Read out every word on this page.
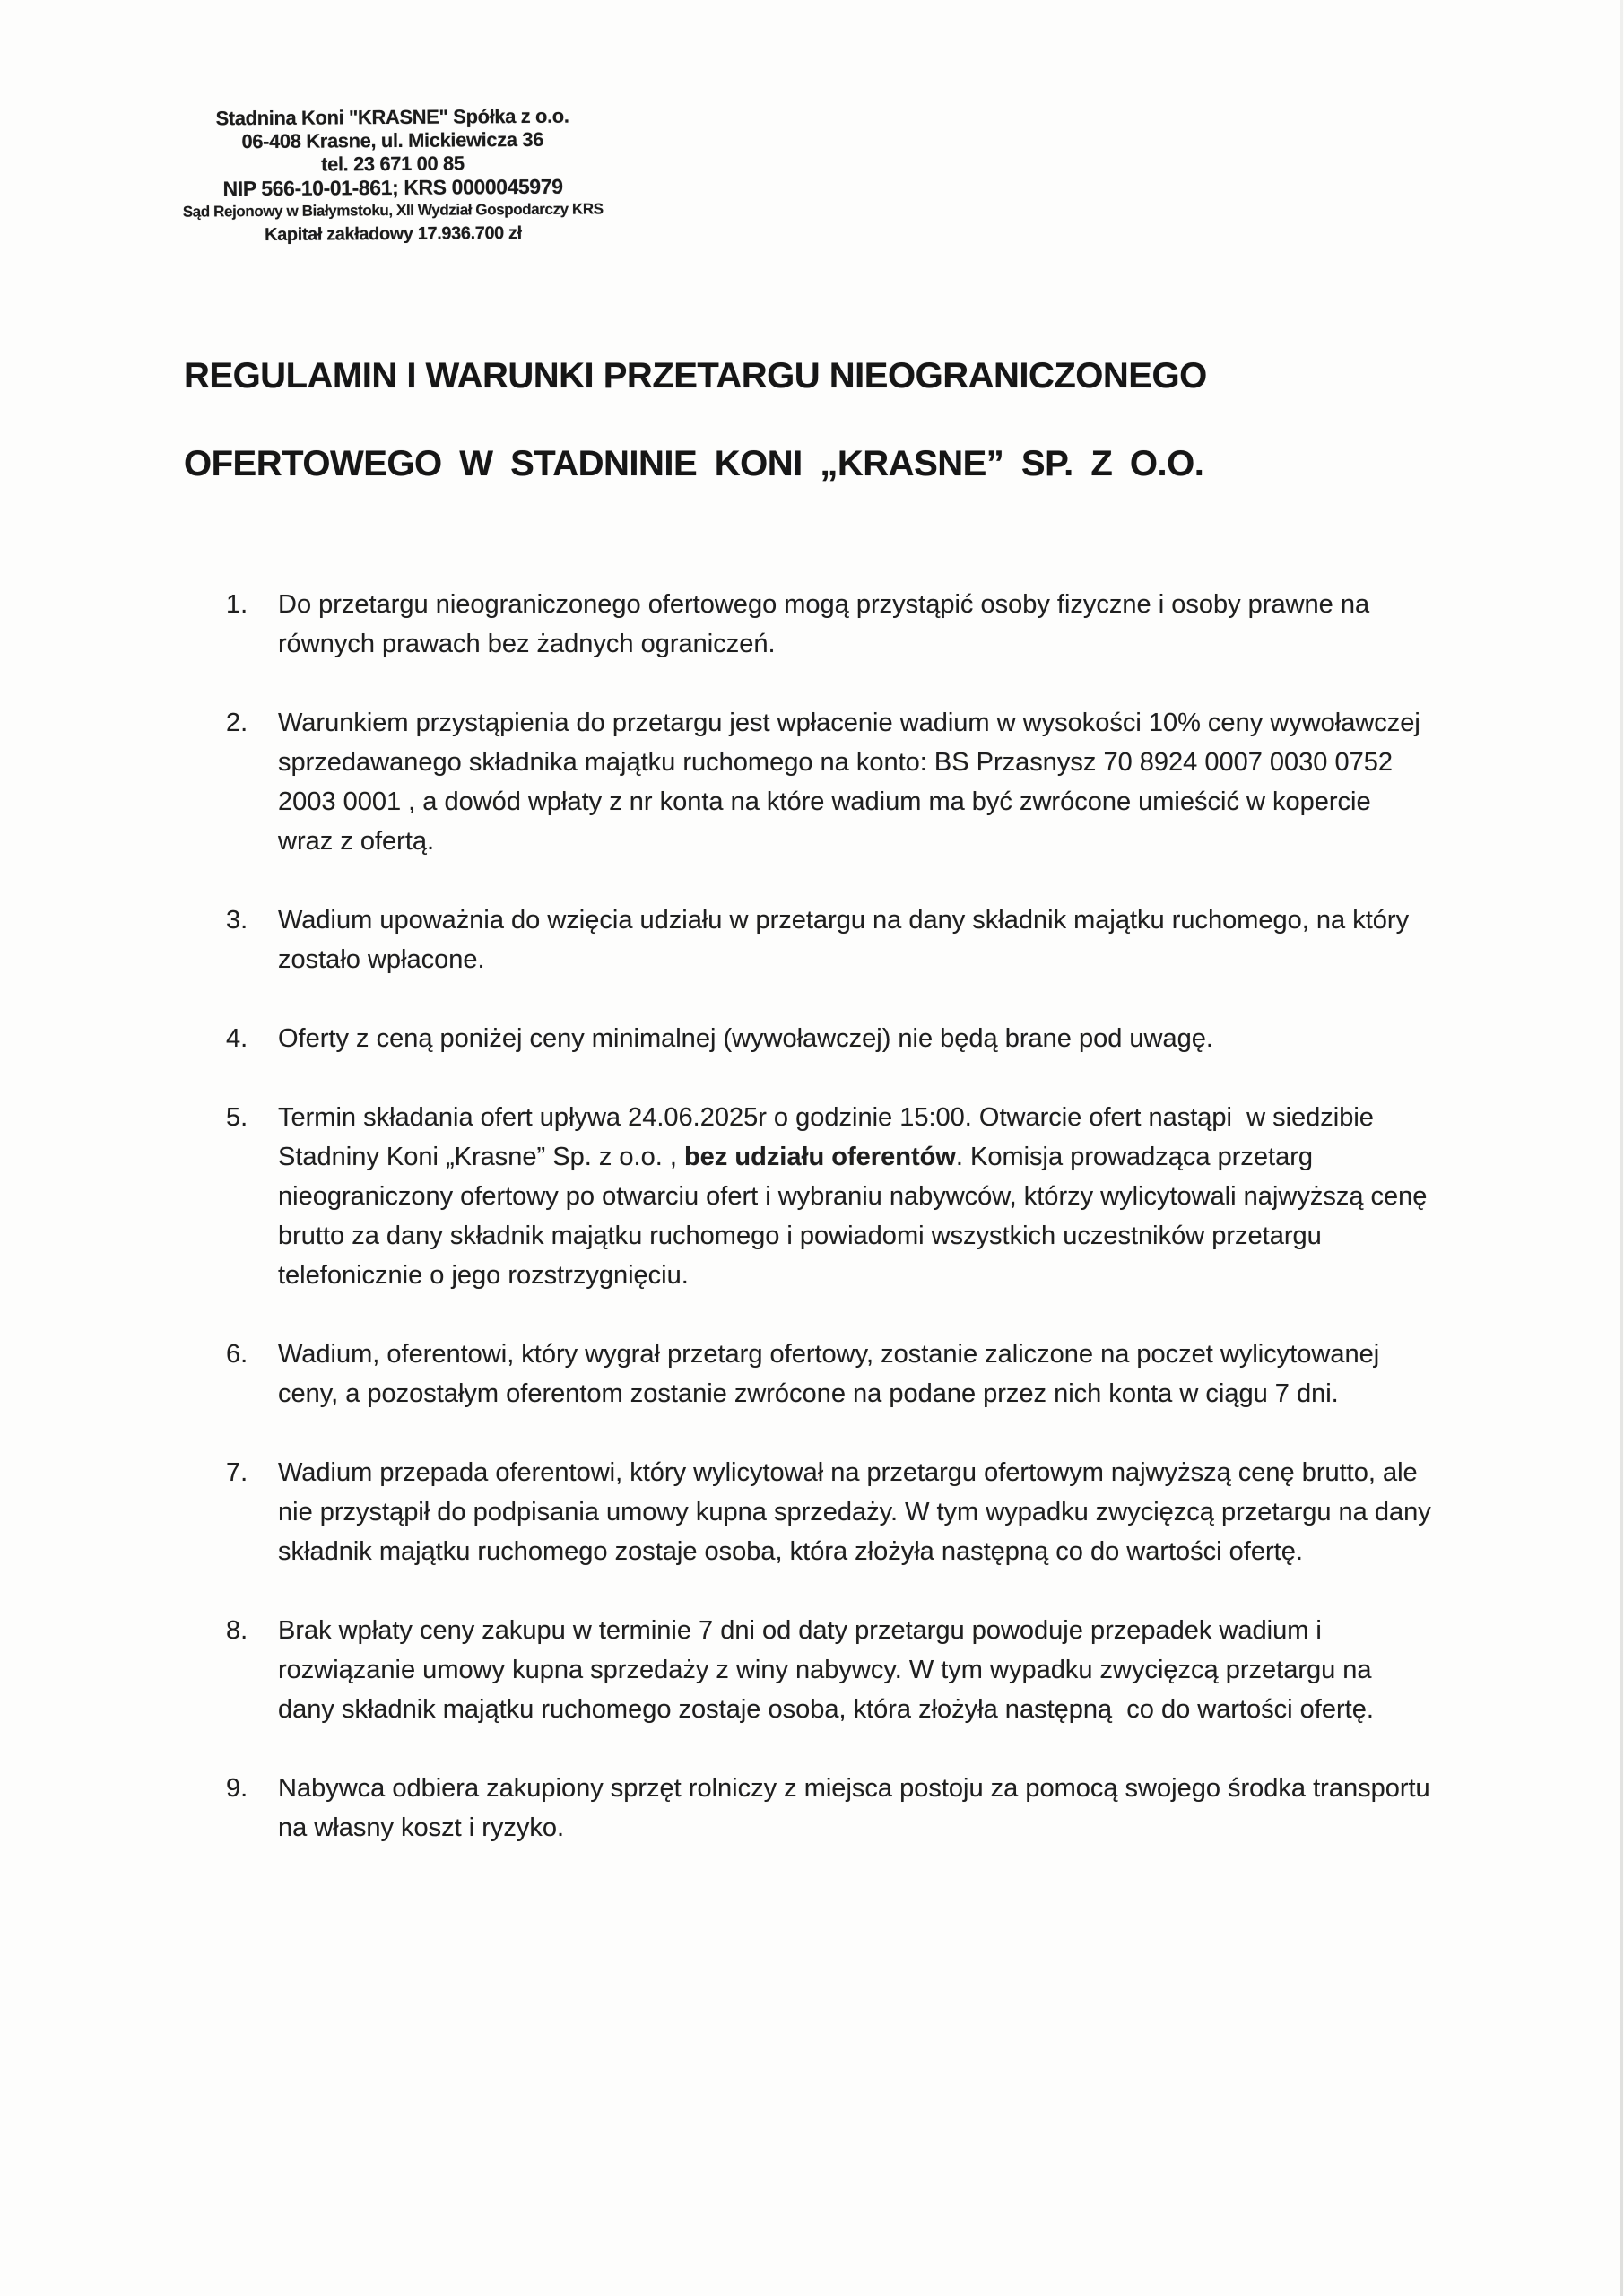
Stadnina Koni "KRASNE" Spółka z o.o.
06-408 Krasne, ul. Mickiewicza 36
tel. 23 671 00 85
NIP 566-10-01-861; KRS 0000045979
Sąd Rejonowy w Białymstoku, XII Wydział Gospodarczy KRS
Kapitał zakładowy 17.936.700 zł
REGULAMIN I WARUNKI PRZETARGU NIEOGRANICZONEGO
OFERTOWEGO W STADNINIE KONI „KRASNE” SP. Z O.O.
1.	Do przetargu nieograniczonego ofertowego mogą przystąpić osoby fizyczne i osoby prawne na równych prawach bez żadnych ograniczeń.

2.	Warunkiem przystąpienia do przetargu jest wpłacenie wadium w wysokości 10% ceny wywoławczej sprzedawanego składnika majątku ruchomego na konto: BS Przasnysz 70 8924 0007 0030 0752 2003 0001 , a dowód wpłaty z nr konta na które wadium ma być zwrócone umieścić w kopercie wraz z ofertą.

3.	Wadium upoważnia do wzięcia udziału w przetargu na dany składnik majątku ruchomego, na który zostało wpłacone.

4.	Oferty z ceną poniżej ceny minimalnej (wywoławczej) nie będą brane pod uwagę.

5.	Termin składania ofert upływa 24.06.2025r o godzinie 15:00. Otwarcie ofert nastąpi  w siedzibie Stadniny Koni „Krasne” Sp. z o.o. , bez udziału oferentów. Komisja prowadząca przetarg nieograniczony ofertowy po otwarciu ofert i wybraniu nabywców, którzy wylicytowali najwyższą cenę brutto za dany składnik majątku ruchomego i powiadomi wszystkich uczestników przetargu telefonicznie o jego rozstrzygnięciu.

6.	Wadium, oferentowi, który wygrał przetarg ofertowy, zostanie zaliczone na poczet wylicytowanej ceny, a pozostałym oferentom zostanie zwrócone na podane przez nich konta w ciągu 7 dni.

7.	Wadium przepada oferentowi, który wylicytował na przetargu ofertowym najwyższą cenę brutto, ale nie przystąpił do podpisania umowy kupna sprzedaży. W tym wypadku zwycięzcą przetargu na dany składnik majątku ruchomego zostaje osoba, która złożyła następną co do wartości ofertę.

8.	Brak wpłaty ceny zakupu w terminie 7 dni od daty przetargu powoduje przepadek wadium i rozwiązanie umowy kupna sprzedaży z winy nabywcy. W tym wypadku zwycięzcą przetargu na dany składnik majątku ruchomego zostaje osoba, która złożyła następną  co do wartości ofertę.

9.	Nabywca odbiera zakupiony sprzęt rolniczy z miejsca postoju za pomocą swojego środka transportu na własny koszt i ryzyko.
